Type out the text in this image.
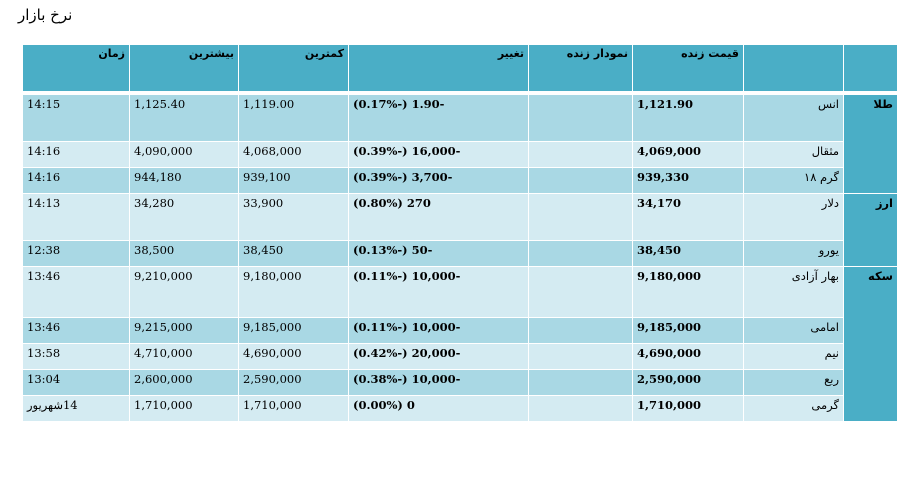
نرخ بازار
		قیمت زنده	نمودار زنده	تغییر	کمترین	بیشترین	زمان

طلا	انس	1,121.90		-1.90 (-0.17%)	1,119.00	1,125.40	14:15
	مثقال	4,069,000		-16,000 (-0.39%)	4,068,000	4,090,000	14:16
	گرم ۱۸	939,330		-3,700 (-0.39%)	939,100	944,180	14:16
ارز	دلار	34,170		270 (0.80%)	33,900	34,280	14:13
	یورو	38,450		-50 (-0.13%)	38,450	38,500	12:38
سکه	بهار آزادی	9,180,000		-10,000 (-0.11%)	9,180,000	9,210,000	13:46
	امامی	9,185,000		-10,000 (-0.11%)	9,185,000	9,215,000	13:46
	نیم	4,690,000		-20,000 (-0.42%)	4,690,000	4,710,000	13:58
	ربع	2,590,000		-10,000 (-0.38%)	2,590,000	2,600,000	13:04
	گرمی	1,710,000		0 (0.00%)	1,710,000	1,710,000	14شهریور
